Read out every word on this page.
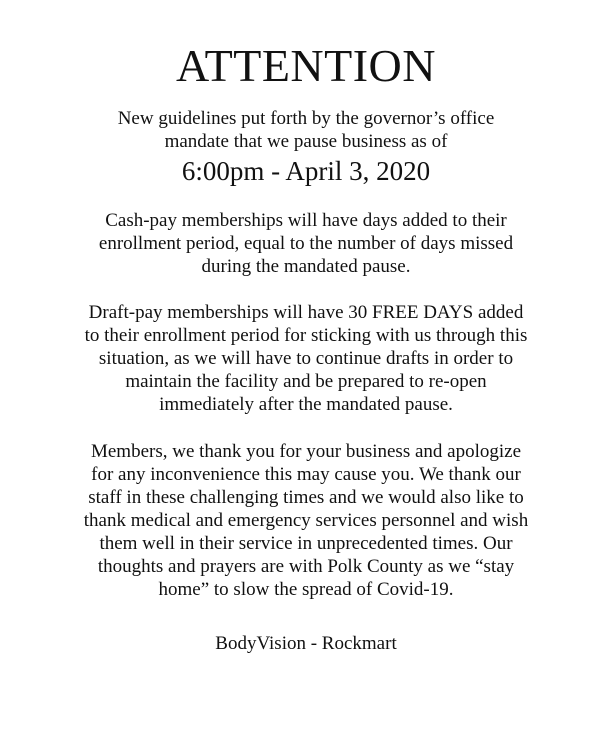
ATTENTION
New guidelines put forth by the governor’s office
mandate that we pause business as of
6:00pm - April 3, 2020
Cash-pay memberships will have days added to their
enrollment period, equal to the number of days missed
during the mandated pause.
Draft-pay memberships will have 30 FREE DAYS added
to their enrollment period for sticking with us through this
situation, as we will have to continue drafts in order to
maintain the facility and be prepared to re-open
immediately after the mandated pause.
Members, we thank you for your business and apologize
for any inconvenience this may cause you. We thank our
staff in these challenging times and we would also like to
thank medical and emergency services personnel and wish
them well in their service in unprecedented times. Our
thoughts and prayers are with Polk County as we “stay
home” to slow the spread of Covid-19.
BodyVision - Rockmart
